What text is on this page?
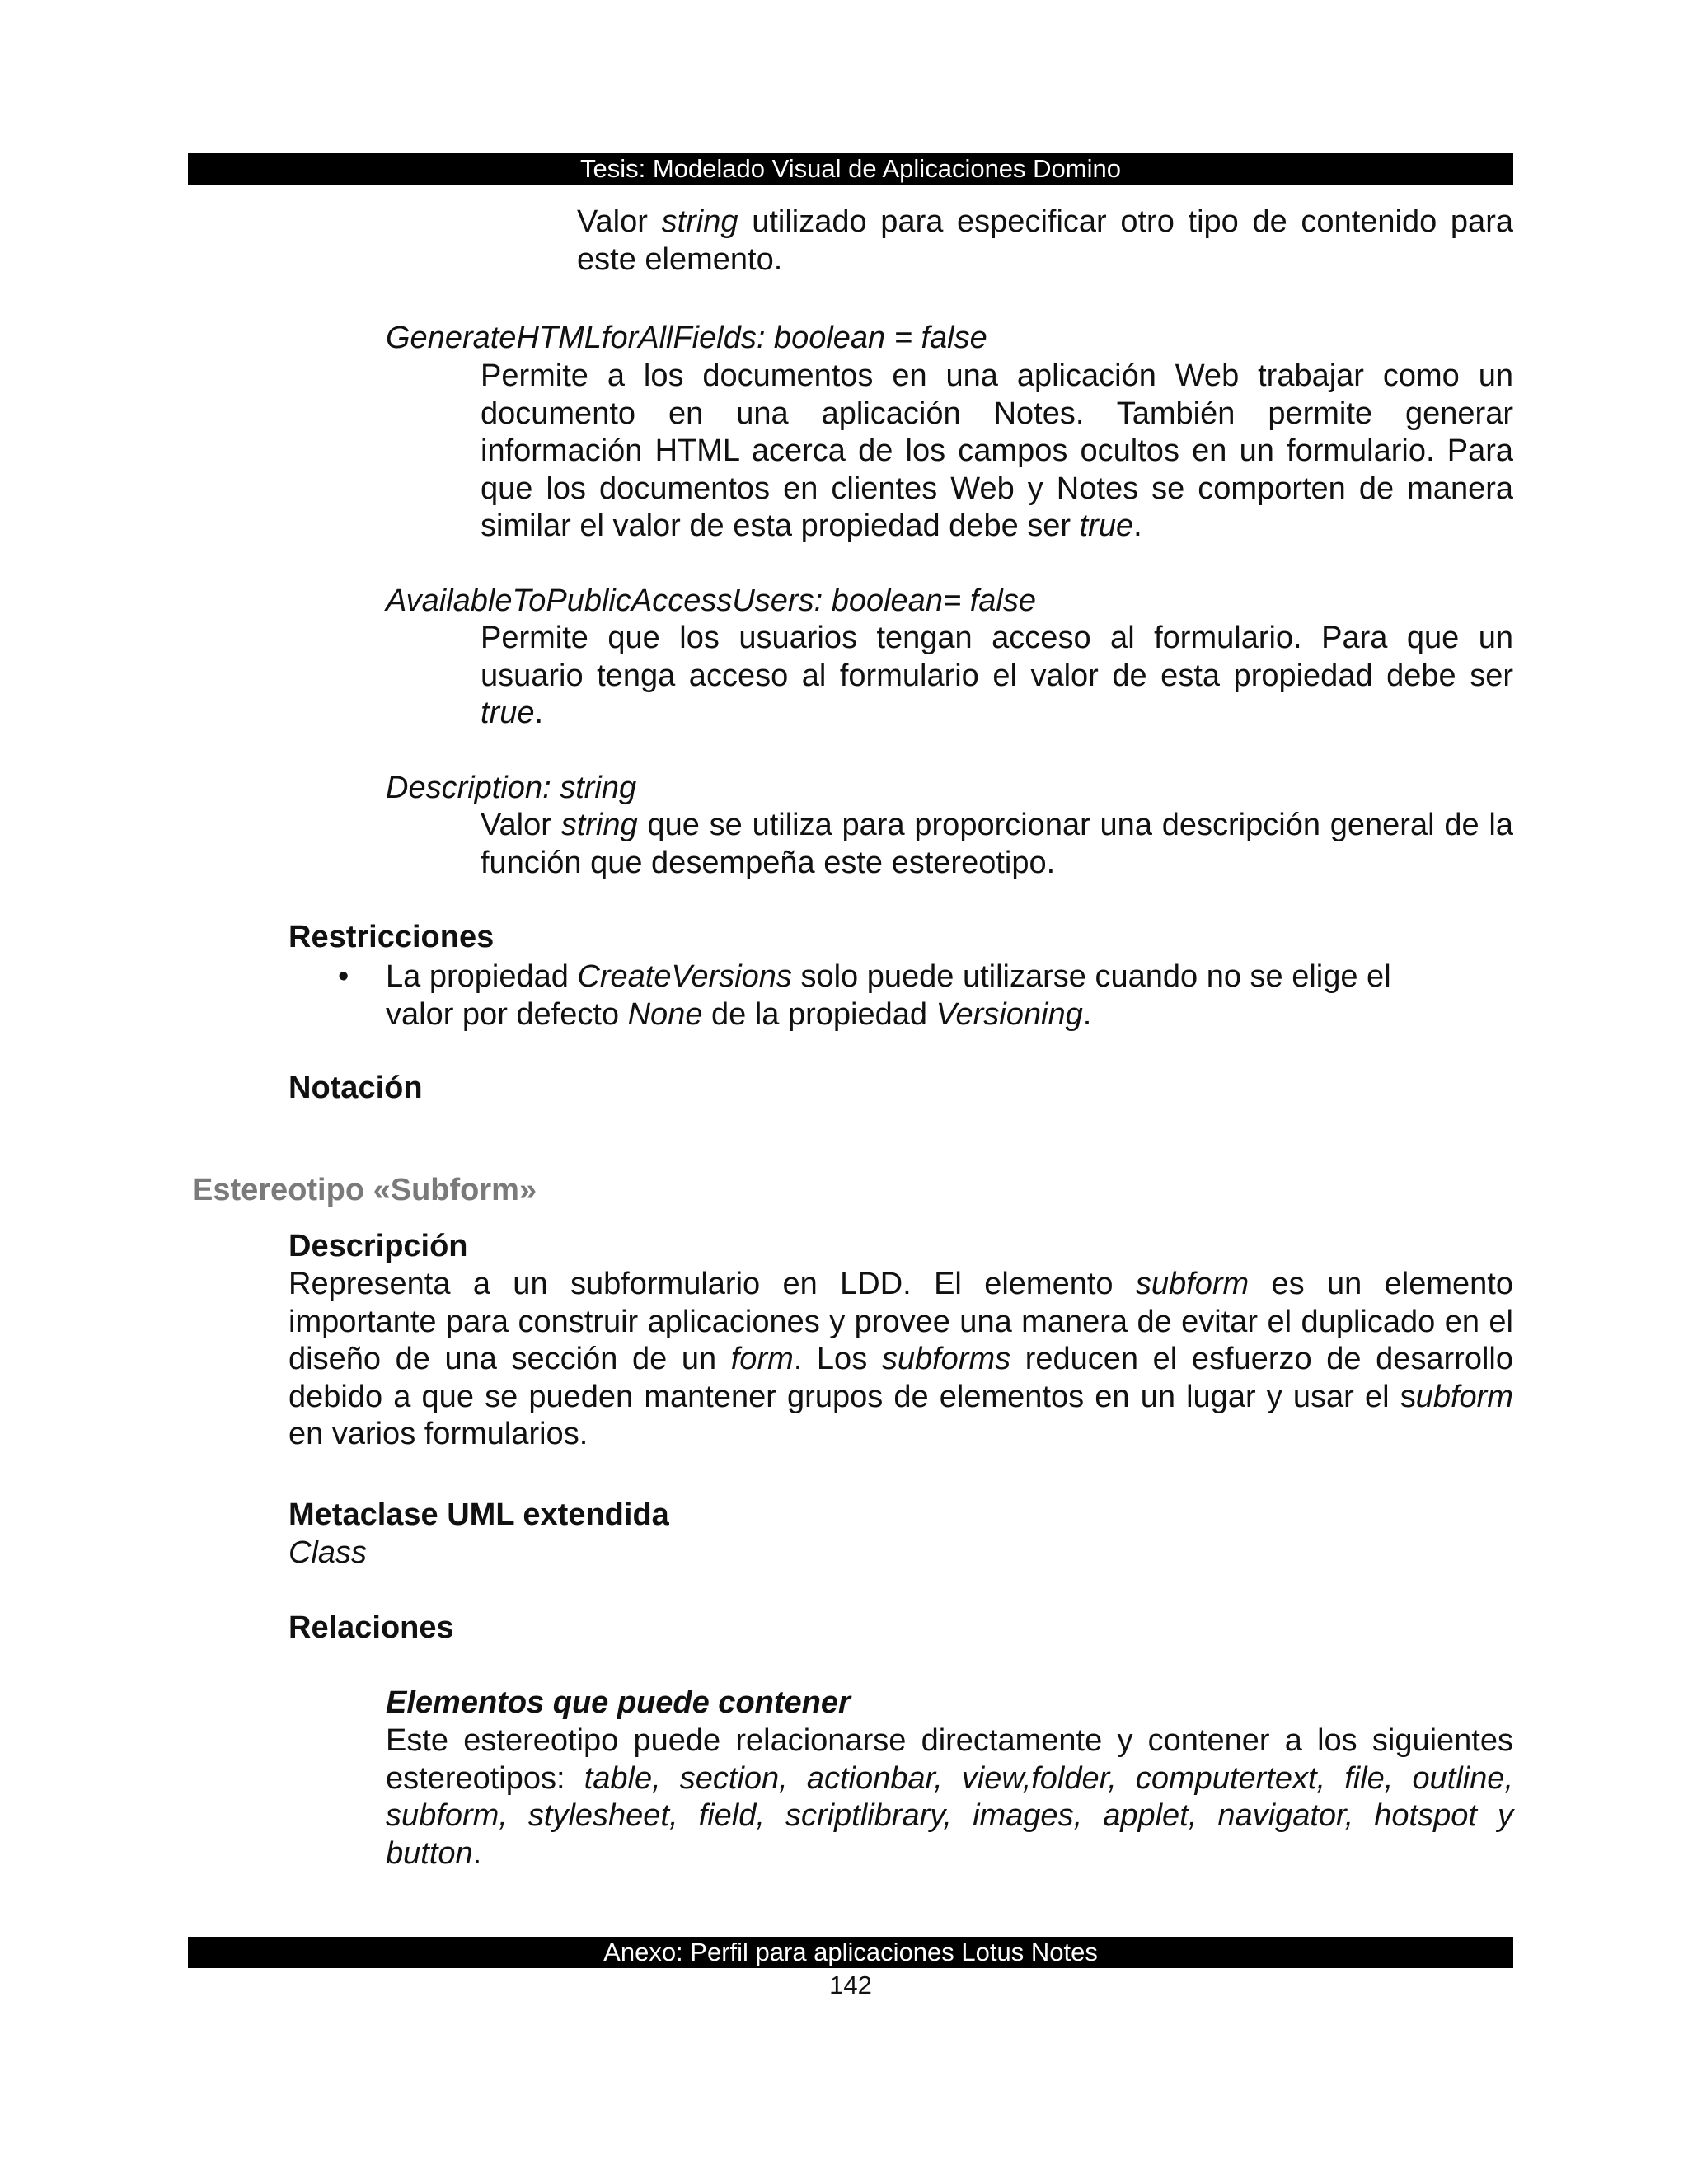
Tesis: Modelado Visual de Aplicaciones Domino

Valor string utilizado para especificar otro tipo de contenido para este elemento.

GenerateHTMLforAllFields: boolean = false

Permite a los documentos en una aplicación Web trabajar como un documento en una aplicación Notes. También permite generar información HTML acerca de los campos ocultos en un formulario. Para que los documentos en clientes Web y Notes se comporten de manera similar el valor de esta propiedad debe ser true.

AvailableToPublicAccessUsers: boolean= false

Permite que los usuarios tengan acceso al formulario. Para que un usuario tenga acceso al formulario el valor de esta propiedad debe ser true.

Description: string

Valor string que se utiliza para proporcionar una descripción general de la función que desempeña este estereotipo.

Restricciones

• La propiedad CreateVersions solo puede utilizarse cuando no se elige el valor por defecto None de la propiedad Versioning.

Notación

Estereotipo «Subform»

Descripción

Representa a un subformulario en LDD. El elemento subform es un elemento importante para construir aplicaciones y provee una manera de evitar el duplicado en el diseño de una sección de un form. Los subforms reducen el esfuerzo de desarrollo debido a que se pueden mantener grupos de elementos en un lugar y usar el subform en varios formularios.

Metaclase UML extendida

Class

Relaciones

Elementos que puede contener

Este estereotipo puede relacionarse directamente y contener a los siguientes estereotipos: table, section, actionbar, view,folder, computertext, file, outline, subform, stylesheet, field, scriptlibrary, images, applet, navigator, hotspot y button.

Anexo: Perfil para aplicaciones Lotus Notes
142
